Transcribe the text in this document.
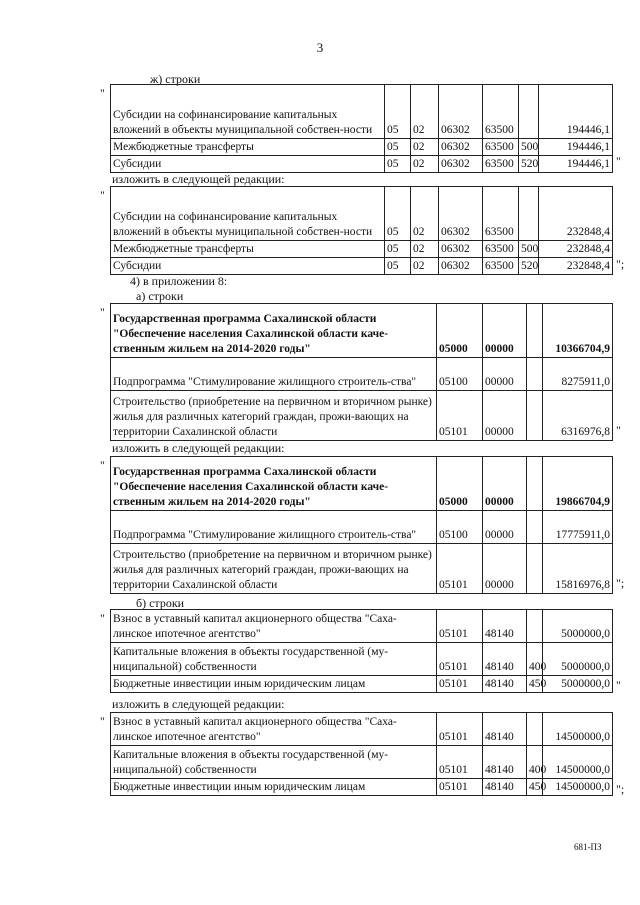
3
ж) строки
"
Субсидии на софинансирование капитальных вложений в объекты муниципальной собствен-ности	05	02	06302	63500		194446,1
Межбюджетные трансферты	05	02	06302	63500	500	194446,1
Субсидии	05	02	06302	63500	520	194446,1 "
изложить в следующей редакции:
"
Субсидии на софинансирование капитальных вложений в объекты муниципальной собствен-ности	05	02	06302	63500		232848,4
Межбюджетные трансферты	05	02	06302	63500	500	232848,4
Субсидии	05	02	06302	63500	520	232848,4 ";
4) в приложении 8:
а) строки
"
Государственная программа Сахалинской области "Обеспечение населения Сахалинской области каче-ственным жильем на 2014-2020 годы"	05000	00000		10366704,9
Подпрограмма "Стимулирование жилищного строитель-ства"	05100	00000		8275911,0
Строительство (приобретение на первичном и вторичном рынке) жилья для различных категорий граждан, прожи-вающих на территории Сахалинской области	05101	00000		6316976,8 "
изложить в следующей редакции:
"
Государственная программа Сахалинской области "Обеспечение населения Сахалинской области каче-ственным жильем на 2014-2020 годы"	05000	00000		19866704,9
Подпрограмма "Стимулирование жилищного строитель-ства"	05100	00000		17775911,0
Строительство (приобретение на первичном и вторичном рынке) жилья для различных категорий граждан, прожи-вающих на территории Сахалинской области	05101	00000		15816976,8 ";
б) строки
" Взнос в уставный капитал акционерного общества "Саха-линское ипотечное агентство"	05101	48140		5000000,0
Капитальные вложения в объекты государственной (му-ниципальной) собственности	05101	48140	400	5000000,0
Бюджетные инвестиции иным юридическим лицам	05101	48140	450	5000000,0 "
изложить в следующей редакции:
" Взнос в уставный капитал акционерного общества "Саха-линское ипотечное агентство"	05101	48140		14500000,0
Капитальные вложения в объекты государственной (му-ниципальной) собственности	05101	48140	400	14500000,0
Бюджетные инвестиции иным юридическим лицам	05101	48140	450	14500000,0 ";
681-ПЗ
